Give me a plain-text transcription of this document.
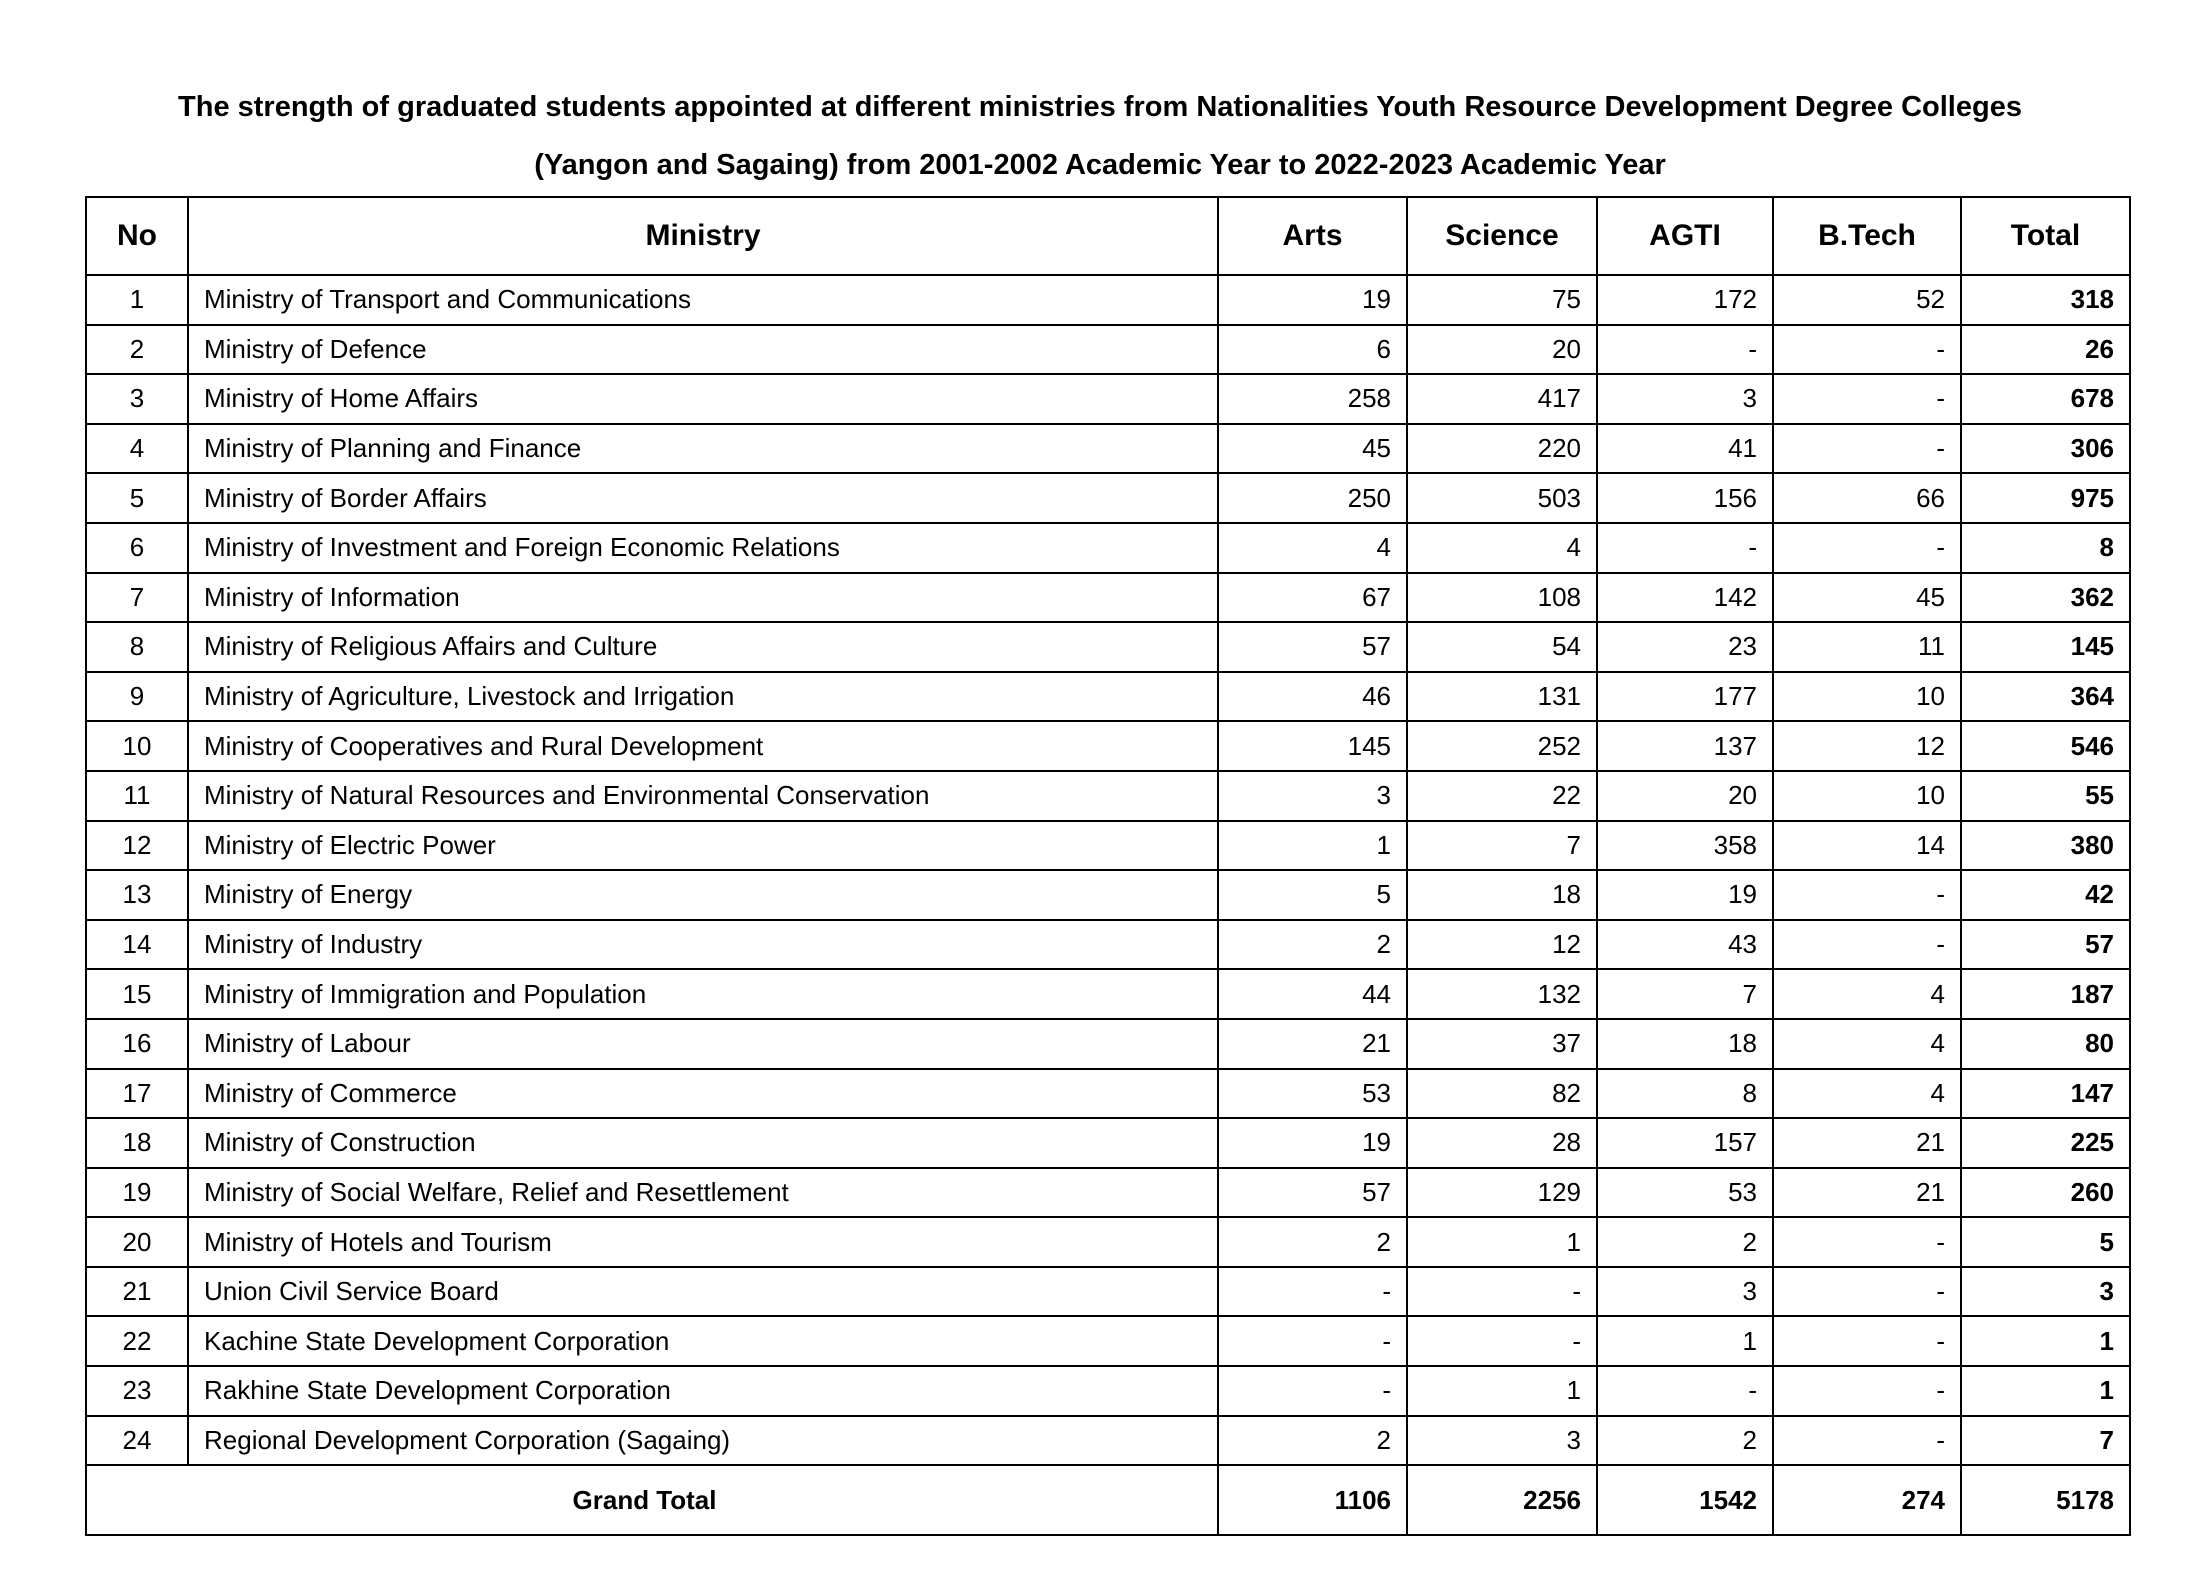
The strength of graduated students appointed at different ministries from Nationalities Youth Resource Development Degree Colleges
(Yangon and Sagaing) from 2001-2002 Academic Year to 2022-2023 Academic Year
No	Ministry	Arts	Science	AGTI	B.Tech	Total
1	Ministry of Transport and Communications	19	75	172	52	318
2	Ministry of Defence	6	20	-	-	26
3	Ministry of Home Affairs	258	417	3	-	678
4	Ministry of Planning and Finance	45	220	41	-	306
5	Ministry of Border Affairs	250	503	156	66	975
6	Ministry of Investment and Foreign Economic Relations	4	4	-	-	8
7	Ministry of Information	67	108	142	45	362
8	Ministry of Religious Affairs and Culture	57	54	23	11	145
9	Ministry of Agriculture, Livestock and Irrigation	46	131	177	10	364
10	Ministry of Cooperatives and Rural Development	145	252	137	12	546
11	Ministry of Natural Resources and Environmental Conservation	3	22	20	10	55
12	Ministry of Electric Power	1	7	358	14	380
13	Ministry of Energy	5	18	19	-	42
14	Ministry of Industry	2	12	43	-	57
15	Ministry of Immigration and Population	44	132	7	4	187
16	Ministry of Labour	21	37	18	4	80
17	Ministry of Commerce	53	82	8	4	147
18	Ministry of Construction	19	28	157	21	225
19	Ministry of Social Welfare, Relief and Resettlement	57	129	53	21	260
20	Ministry of Hotels and Tourism	2	1	2	-	5
21	Union Civil Service Board	-	-	3	-	3
22	Kachine State Development Corporation	-	-	1	-	1
23	Rakhine State Development Corporation	-	1	-	-	1
24	Regional Development Corporation (Sagaing)	2	3	2	-	7
Grand Total		1106	2256	1542	274	5178
